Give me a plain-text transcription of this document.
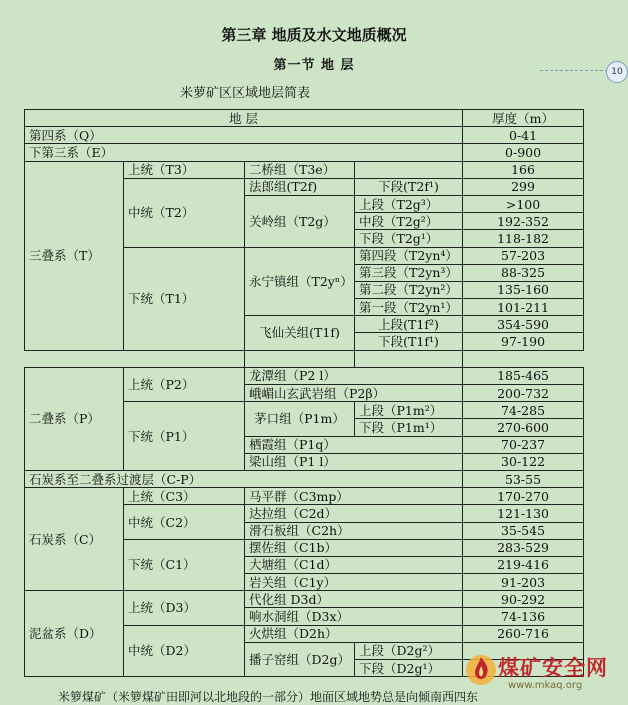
第三章 地质及水文地质概况
第一节 地 层
米萝矿区区域地层简表
10
地 层				厚度（m）
第四系（Q）				0-41
下第三系（E）				0-900
三叠系（T）	上统（T3）	二桥组（T3e）		166
	中统（T2）	法郎组(T2f)	下段(T2f¹)	299
		关岭组（T2g）	上段（T2g³）	>100
			中段（T2g²）	192-352
			下段（T2g¹）	118-182
	下统（T1）	永宁镇组（T2yⁿ）	第四段（T2yn⁴）	57-203
			第三段（T2yn³）	88-325
			第二段（T2yn²）	135-160
			第一段（T2yn¹）	101-211
		飞仙关组(T1f)	上段(T1f²)	354-590
			下段(T1f¹)	97-190

二叠系（P）	上统（P2）	龙潭组（P2 l）		185-465
		峨嵋山玄武岩组（P2β）		200-732
	下统（P1）	茅口组（P1m）	上段（P1m²）	74-285
			下段（P1m¹）	270-600
		栖霞组（P1q）		70-237
		梁山组（P1 l）		30-122
石炭系至二叠系过渡层（C-P）				53-55
石炭系（C）	上统（C3）	马平群（C3mp）		170-270
	中统（C2）	达拉组（C2d）		121-130
		滑石板组（C2h）		35-545
	下统（C1）	摆佐组（C1b）		283-529
		大塘组（C1d）		219-416
		岩关组（C1y）		91-203
泥盆系（D）	上统（D3）	代化组 D3d）		90-292
		响水洞组（D3x）		74-136
	中统（D2）	火烘组（D2h）		260-716
		播子窑组（D2g）	上段（D2g²）	
			下段（D2g¹）	
米箩煤矿（米箩煤矿田即河以北地段的一部分）地面区域地势总是向倾南西四东
煤矿安全网
www.mkaq.org
